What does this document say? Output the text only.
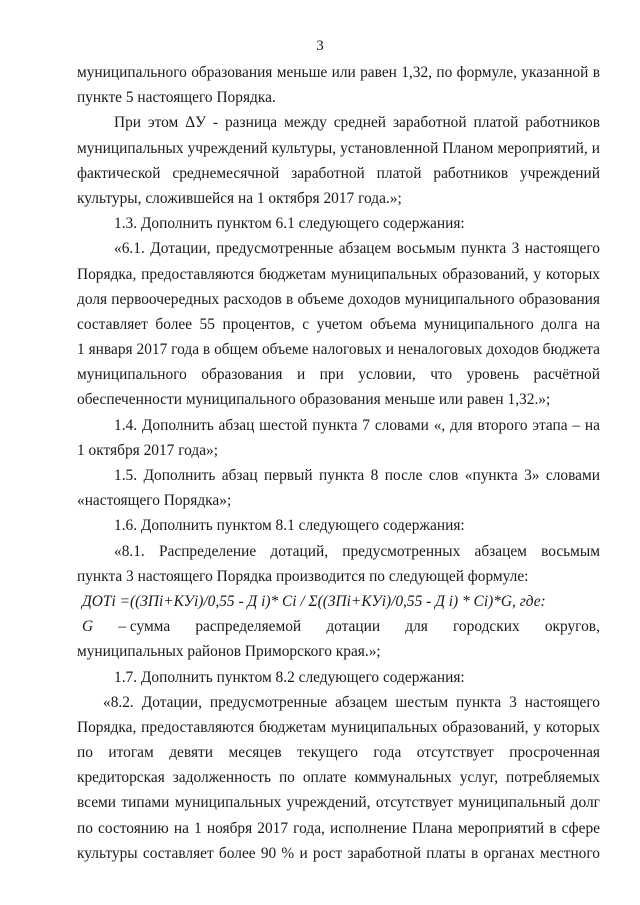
3
муниципального образования меньше или равен 1,32, по формуле, указанной в
пункте 5 настоящего Порядка.
При этом ΔУ - разница между средней заработной платой работников
муниципальных учреждений культуры, установленной Планом мероприятий, и
фактической среднемесячной заработной платой работников учреждений
культуры, сложившейся на 1 октября 2017 года.»;
1.3. Дополнить пунктом 6.1 следующего содержания:
«6.1. Дотации, предусмотренные абзацем восьмым пункта 3 настоящего
Порядка, предоставляются бюджетам муниципальных образований, у которых
доля первоочередных расходов в объеме доходов муниципального образования
составляет более 55 процентов, с учетом объема муниципального долга на
1 января 2017 года в общем объеме налоговых и неналоговых доходов бюджета
муниципального образования и при условии, что уровень расчётной
обеспеченности муниципального образования меньше или равен 1,32.»;
1.4. Дополнить абзац шестой пункта 7 словами «, для второго этапа – на
1 октября 2017 года»;
1.5. Дополнить абзац первый пункта 8 после слов «пункта 3» словами
«настоящего Порядка»;
1.6. Дополнить пунктом 8.1 следующего содержания:
«8.1. Распределение дотаций, предусмотренных абзацем восьмым
пункта 3 настоящего Порядка производится по следующей формуле:
ДОТi =((ЗПi+КУi)/0,55 - Д i)* Ci / Σ((ЗПi+КУi)/0,55 - Д i) * Ci)*G, где:
G – сумма распределяемой дотации для городских округов,
муниципальных районов Приморского края.»;
1.7. Дополнить пунктом 8.2 следующего содержания:
«8.2. Дотации, предусмотренные абзацем шестым пункта 3 настоящего
Порядка, предоставляются бюджетам муниципальных образований, у которых
по итогам девяти месяцев текущего года отсутствует просроченная
кредиторская задолженность по оплате коммунальных услуг, потребляемых
всеми типами муниципальных учреждений, отсутствует муниципальный долг
по состоянию на 1 ноября 2017 года, исполнение Плана мероприятий в сфере
культуры составляет более 90 % и рост заработной платы в органах местного
